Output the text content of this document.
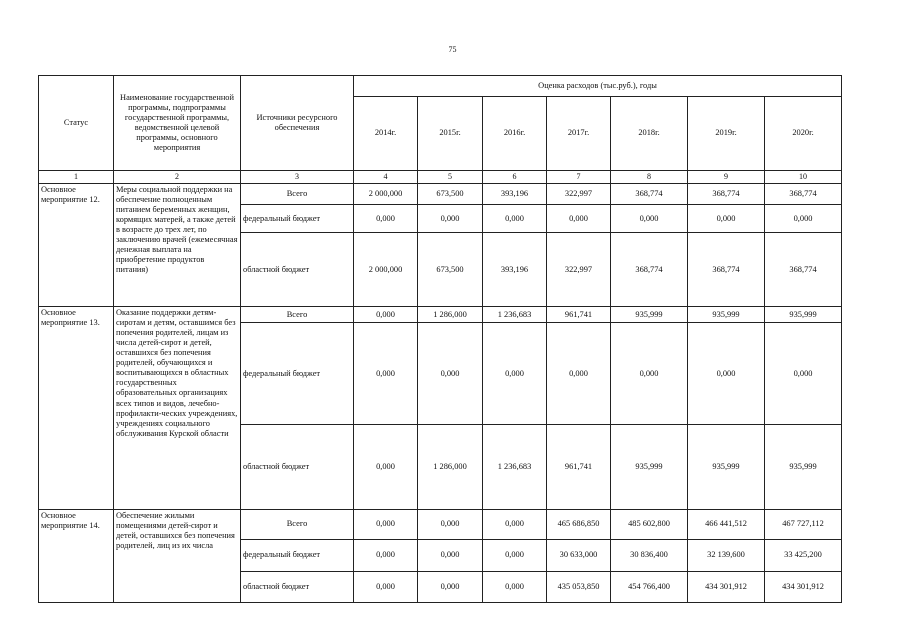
75
Статус	Наименование государственной программы, подпрограммы государственной программы, ведомственной целевой программы, основного мероприятия	Источники ресурсного обеспечения	Оценка расходов (тыс.руб.), годы						
			2014г.	2015г.	2016г.	2017г.	2018г.	2019г.	2020г.
1	2	3	4	5	6	7	8	9	10
Основное мероприятие 12.	Меры социальной поддержки на обеспечение полноценным питанием беременных женщин, кормящих матерей, а также детей в возрасте до трех лет, по заключению врачей (ежемесячная денежная выплата на приобретение продуктов питания)	Всего	2 000,000	673,500	393,196	322,997	368,774	368,774	368,774
		федеральный бюджет	0,000	0,000	0,000	0,000	0,000	0,000	0,000
		областной бюджет	2 000,000	673,500	393,196	322,997	368,774	368,774	368,774
Основное мероприятие 13.	Оказание поддержки детям-сиротам и детям, оставшимся без попечения родителей, лицам из числа детей-сирот и детей, оставшихся без попечения родителей, обучающихся и воспитывающихся в областных государственных образовательных организациях всех типов и видов, лечебно-профилакти-ческих учреждениях, учреждениях социального обслуживания Курской области	Всего	0,000	1 286,000	1 236,683	961,741	935,999	935,999	935,999
		федеральный бюджет	0,000	0,000	0,000	0,000	0,000	0,000	0,000
		областной бюджет	0,000	1 286,000	1 236,683	961,741	935,999	935,999	935,999
Основное мероприятие 14.	Обеспечение жилыми помещениями детей-сирот и детей, оставшихся без попечения родителей, лиц из их числа	Всего	0,000	0,000	0,000	465 686,850	485 602,800	466 441,512	467 727,112
		федеральный бюджет	0,000	0,000	0,000	30 633,000	30 836,400	32 139,600	33 425,200
		областной бюджет	0,000	0,000	0,000	435 053,850	454 766,400	434 301,912	434 301,912
